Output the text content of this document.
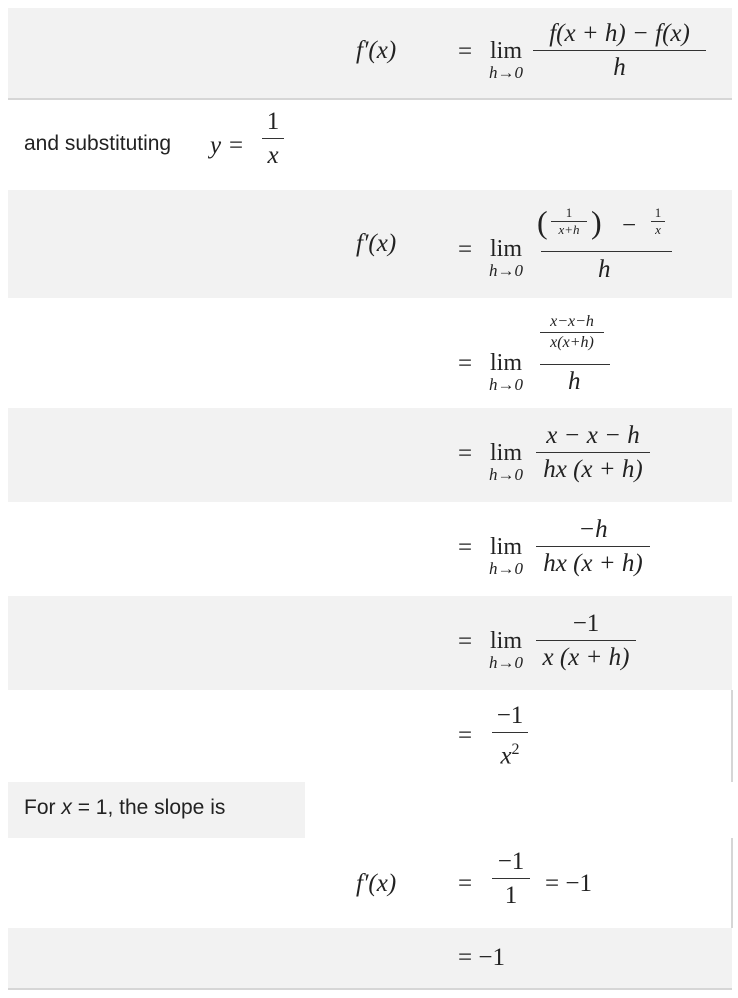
f′(x) = lim
h→0
f(x + h) − f(x)
h
and substituting y =
1
x
f′(x) = lim
h→0
(	1
x+h ) − 1
x
h
= lim
h→0
x−x−h
x(x+h)
h
= lim
h→0
x − x − h
hx (x + h)
= lim
h→0
−h
hx (x + h)
= lim
h→0
−1
x (x + h)
=
−1
$x^2$
For x = 1, the slope is
f′(x) =
−1
1	= −1
= −1
